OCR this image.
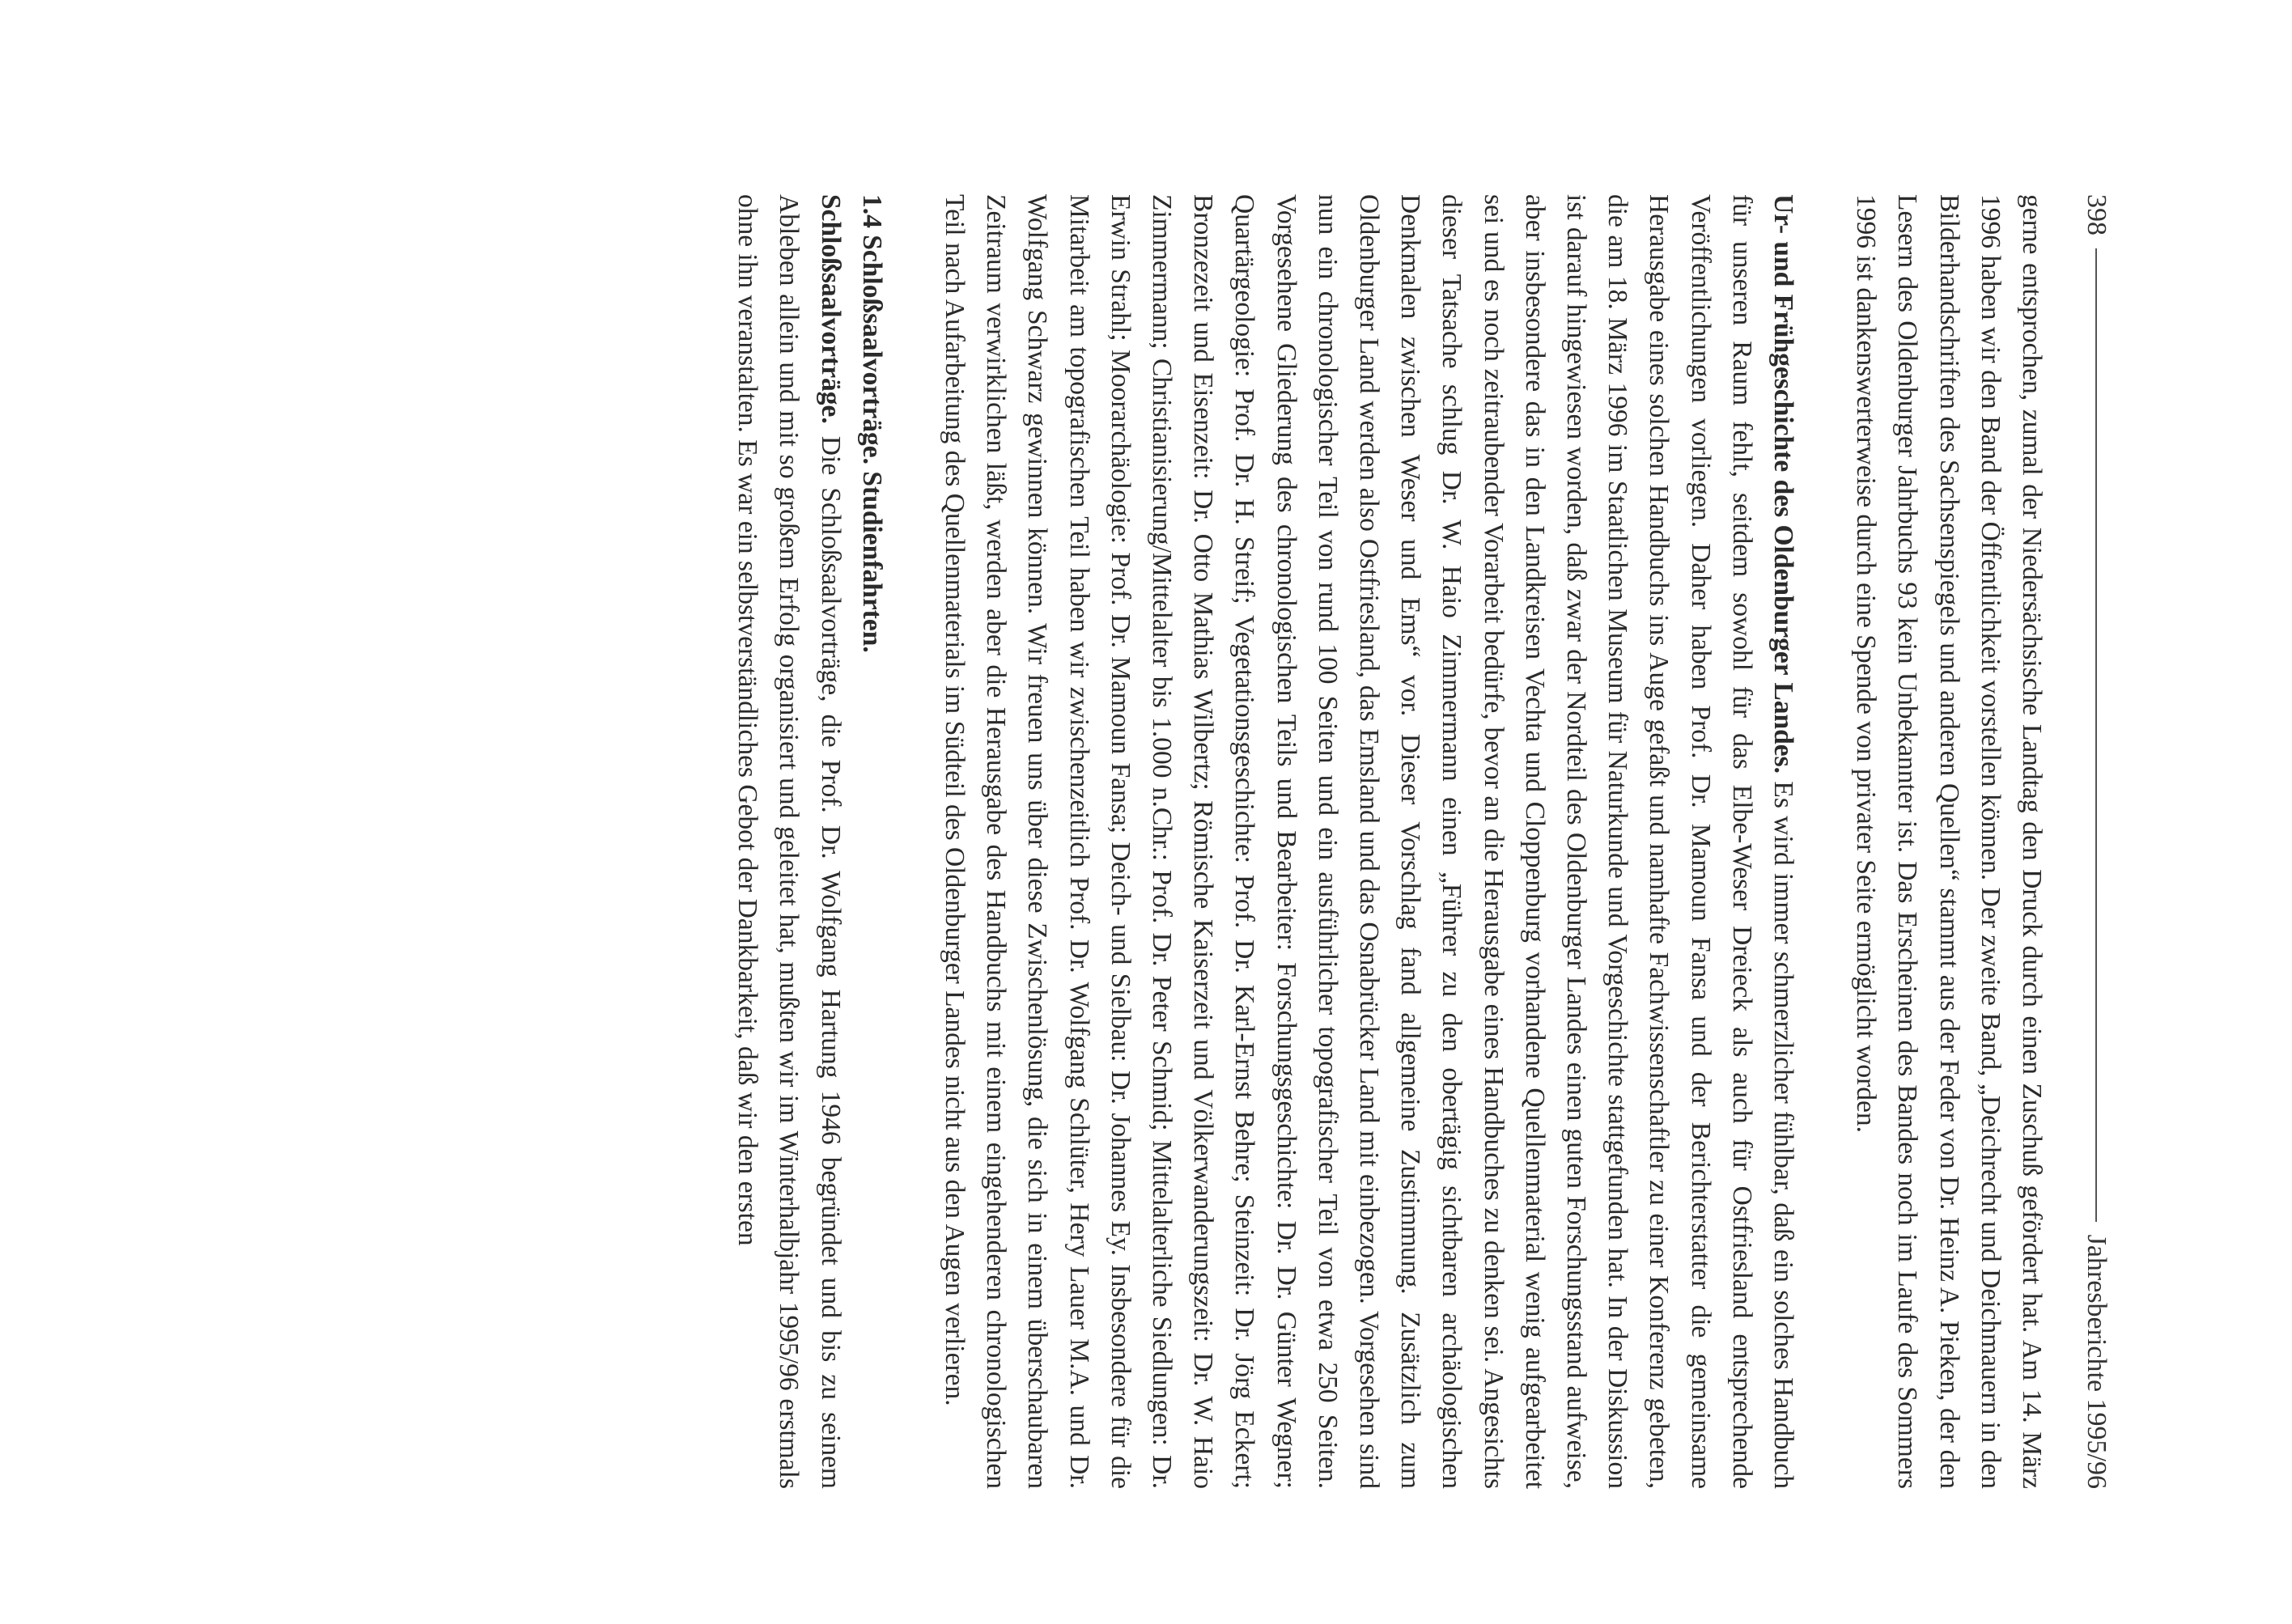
398
Jahresberichte 1995/96

gerne entsprochen, zumal der Niedersächsische Landtag den Druck durch einen Zuschuß gefördert hat. Am 14. März 1996 haben wir den Band der Öffentlichkeit vorstellen können. Der zweite Band, „Deichrecht und Deichmauern in den Bilderhandschriften des Sachsenspiegels und anderen Quellen“ stammt aus der Feder von Dr. Heinz A. Pieken, der den Lesern des Oldenburger Jahrbuchs 93 kein Unbekannter ist. Das Erscheinen des Bandes noch im Laufe des Sommers 1996 ist dankenswerterweise durch eine Spende von privater Seite ermöglicht worden.

Ur- und Frühgeschichte des Oldenburger Landes. Es wird immer schmerzlicher fühlbar, daß ein solches Handbuch für unseren Raum fehlt, seitdem sowohl für das Elbe-Weser Dreieck als auch für Ostfriesland entsprechende Veröffentlichungen vorliegen. Daher haben Prof. Dr. Mamoun Fansa und der Berichterstatter die gemeinsame Herausgabe eines solchen Handbuchs ins Auge gefaßt und namhafte Fachwissenschaftler zu einer Konferenz gebeten, die am 18. März 1996 im Staatlichen Museum für Naturkunde und Vorgeschichte stattgefunden hat. In der Diskussion ist darauf hingewiesen worden, daß zwar der Nordteil des Oldenburger Landes einen guten Forschungsstand aufweise, aber insbesondere das in den Landkreisen Vechta und Cloppenburg vorhandene Quellenmaterial wenig aufgearbeitet sei und es noch zeitraubender Vorarbeit bedürfe, bevor an die Herausgabe eines Handbuches zu denken sei. Angesichts dieser Tatsache schlug Dr. W. Haio Zimmermann einen „Führer zu den obertägig sichtbaren archäologischen Denkmalen zwischen Weser und Ems“ vor. Dieser Vorschlag fand allgemeine Zustimmung. Zusätzlich zum Oldenburger Land werden also Ostfriesland, das Emsland und das Osnabrücker Land mit einbezogen. Vorgesehen sind nun ein chronologischer Teil von rund 100 Seiten und ein ausführlicher topografischer Teil von etwa 250 Seiten. Vorgesehene Gliederung des chronologischen Teils und Bearbeiter: Forschungsgeschichte: Dr. Dr. Günter Wegner; Quartärgeologie: Prof. Dr. H. Streif; Vegetationsgeschichte: Prof. Dr. Karl-Ernst Behre; Steinzeit: Dr. Jörg Eckert; Bronzezeit und Eisenzeit: Dr. Otto Mathias Wilbertz; Römische Kaiserzeit und Völkerwanderungszeit: Dr. W. Haio Zimmermann; Christianisierung/Mittelalter bis 1.000 n.Chr.: Prof. Dr. Peter Schmid; Mittelalterliche Siedlungen: Dr. Erwin Strahl; Moorarchäologie: Prof. Dr. Mamoun Fansa; Deich- und Sielbau: Dr. Johannes Ey. Insbesondere für die Mitarbeit am topografischen Teil haben wir zwischenzeitlich Prof. Dr. Wolfgang Schlüter, Hery Lauer M.A. und Dr. Wolfgang Schwarz gewinnen können. Wir freuen uns über diese Zwischenlösung, die sich in einem überschaubaren Zeitraum verwirklichen läßt, werden aber die Herausgabe des Handbuchs mit einem eingehenderen chronologischen Teil nach Aufarbeitung des Quellenmaterials im Südteil des Oldenburger Landes nicht aus den Augen verlieren.

1.4 Schloßsaalvorträge. Studienfahrten.
Schloßsaalvorträge. Die Schloßsaalvorträge, die Prof. Dr. Wolfgang Hartung 1946 begründet und bis zu seinem Ableben allein und mit so großem Erfolg organisiert und geleitet hat, mußten wir im Winterhalbjahr 1995/96 erstmals ohne ihn veranstalten. Es war ein selbstverständliches Gebot der Dankbarkeit, daß wir den ersten
